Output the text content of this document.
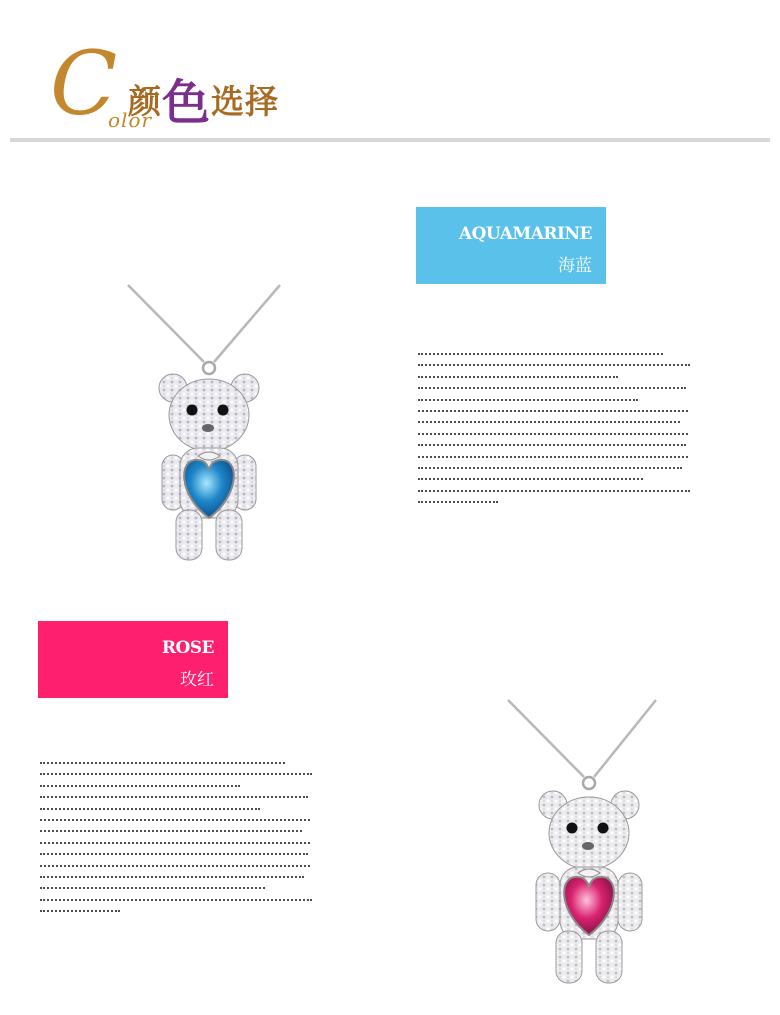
C
olor
颜色选择
AQUAMARINE
海蓝
ROSE
玫红
